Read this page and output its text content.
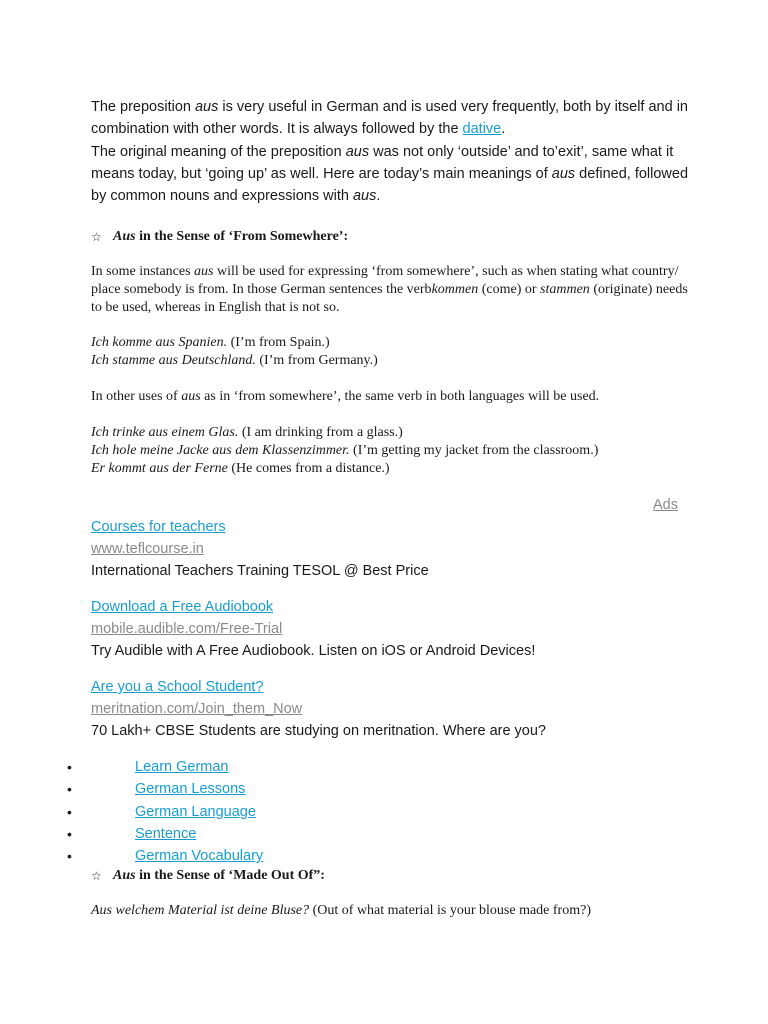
The preposition aus is very useful in German and is used very frequently, both by itself and in combination with other words. It is always followed by the dative.

The original meaning of the preposition aus was not only ‘outside’ and to’exit’, same what it means today, but ‘going up’ as well. Here are today’s main meanings of aus defined, followed by common nouns and expressions with aus.

☆ Aus in the Sense of ‘From Somewhere’:

In some instances aus will be used for expressing ‘from somewhere’, such as when stating what country/ place somebody is from. In those German sentences the verbkommen (come) or stammen (originate) needs to be used, whereas in English that is not so.

Ich komme aus Spanien. (I’m from Spain.)
Ich stamme aus Deutschland. (I’m from Germany.)

In other uses of aus as in ‘from somewhere’, the same verb in both languages will be used.

Ich trinke aus einem Glas. (I am drinking from a glass.)
Ich hole meine Jacke aus dem Klassenzimmer. (I’m getting my jacket from the classroom.)
Er kommt aus der Ferne (He comes from a distance.)
Ads
Courses for teachers
www.teflcourse.in
International Teachers Training TESOL @ Best Price
Download a Free Audiobook
mobile.audible.com/Free-Trial
Try Audible with A Free Audiobook. Listen on iOS or Android Devices!
Are you a School Student?
meritnation.com/Join_them_Now
70 Lakh+ CBSE Students are studying on meritnation. Where are you?
•	Learn German
•	German Lessons
•	German Language
•	Sentence
•	German Vocabulary
☆ Aus in the Sense of ‘Made Out Of”:
Aus welchem Material ist deine Bluse? (Out of what material is your blouse made from?)
